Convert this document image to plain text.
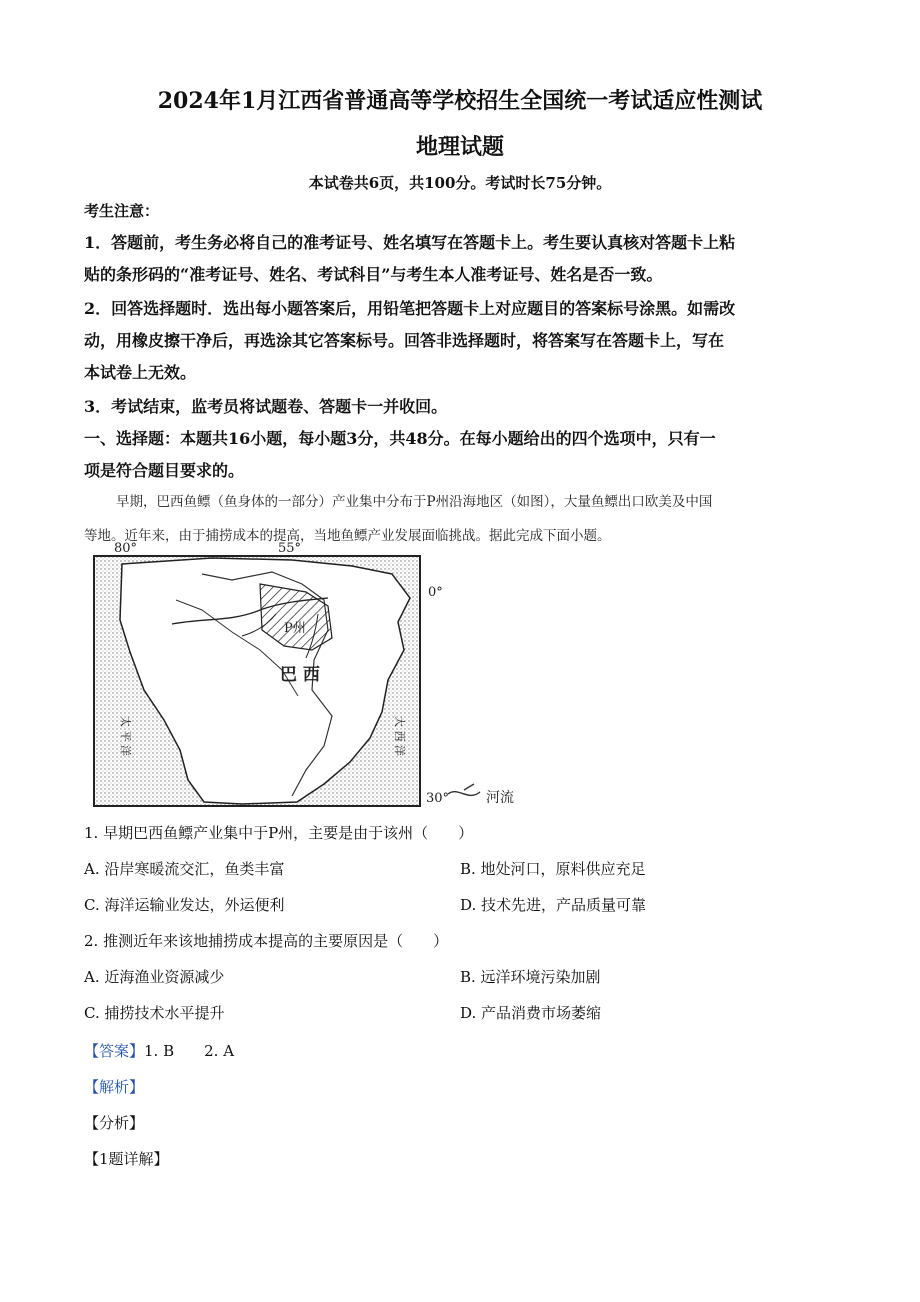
2024年1月江西省普通高等学校招生全国统一考试适应性测试
地理试题
本试卷共6页，共100分。考试时长75分钟。
考生注意：
1．答题前，考生务必将自己的准考证号、姓名填写在答题卡上。考生要认真核对答题卡上粘
贴的条形码的“准考证号、姓名、考试科目”与考生本人准考证号、姓名是否一致。
2．回答选择题时．选出每小题答案后，用铅笔把答题卡上对应题目的答案标号涂黑。如需改
动，用橡皮擦干净后，再选涂其它答案标号。回答非选择题时，将答案写在答题卡上，写在
本试卷上无效。
3．考试结束，监考员将试题卷、答题卡一并收回。
一、选择题：本题共16小题，每小题3分，共48分。在每小题给出的四个选项中，只有一
项是符合题目要求的。
早期，巴西鱼鳔（鱼身体的一部分）产业集中分布于P州沿海地区（如图），大量鱼鳔出口欧美及中国
等地。近年来，由于捕捞成本的提高，当地鱼鳔产业发展面临挑战。据此完成下面小题。
80°	55°
0°
30°
P州
巴 西
太 平 洋	大 西 洋
河流
1. 早期巴西鱼鳔产业集中于P州，主要是由于该州（　　）
A. 沿岸寒暖流交汇，鱼类丰富	B. 地处河口，原料供应充足
C. 海洋运输业发达，外运便利	D. 技术先进，产品质量可靠
2. 推测近年来该地捕捞成本提高的主要原因是（　　）
A. 近海渔业资源减少	B. 远洋环境污染加剧
C. 捕捞技术水平提升	D. 产品消费市场萎缩
【答案】1. B　　2. A
【解析】
【分析】
【1题详解】
